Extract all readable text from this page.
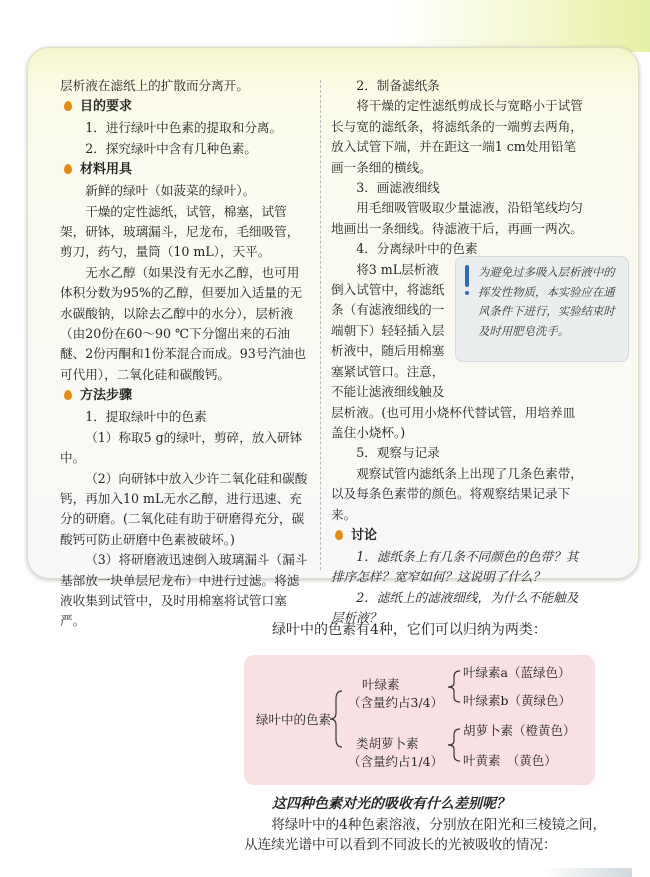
层析液在滤纸上的扩散而分离开。

目的要求

1．进行绿叶中色素的提取和分离。

2．探究绿叶中含有几种色素。

材料用具

新鲜的绿叶（如菠菜的绿叶）。

干燥的定性滤纸，试管，棉塞，试管架，研钵，玻璃漏斗，尼龙布，毛细吸管，剪刀，药勺，量筒（10 mL），天平。

无水乙醇（如果没有无水乙醇，也可用体积分数为95%的乙醇，但要加入适量的无水碳酸钠，以除去乙醇中的水分），层析液（由20份在60～90 ℃下分馏出来的石油醚、2份丙酮和1份苯混合而成。93号汽油也可代用），二氧化硅和碳酸钙。

方法步骤

1．提取绿叶中的色素

（1）称取5 g的绿叶，剪碎，放入研钵中。

（2）向研钵中放入少许二氧化硅和碳酸钙，再加入10 mL无水乙醇，进行迅速、充分的研磨。(二氧化硅有助于研磨得充分，碳酸钙可防止研磨中色素被破坏。)

（3）将研磨液迅速倒入玻璃漏斗（漏斗基部放一块单层尼龙布）中进行过滤。将滤液收集到试管中，及时用棉塞将试管口塞严。

2．制备滤纸条

将干燥的定性滤纸剪成长与宽略小于试管长与宽的滤纸条，将滤纸条的一端剪去两角，放入试管下端，并在距这一端1 cm处用铅笔画一条细的横线。

3．画滤液细线

用毛细吸管吸取少量滤液，沿铅笔线均匀地画出一条细线。待滤液干后，再画一两次。

4．分离绿叶中的色素

将3 mL层析液

倒入试管中，将滤纸

条（有滤液细线的一

端朝下）轻轻插入层

析液中，随后用棉塞

塞紧试管口。注意，

不能让滤液细线触及

层析液。(也可用小烧杯代替试管，用培养皿盖住小烧杯。)

5．观察与记录

观察试管内滤纸条上出现了几条色素带，以及每条色素带的颜色。将观察结果记录下来。

讨论

1．滤纸条上有几条不同颜色的色带？其排序怎样？宽窄如何？这说明了什么？

2．滤纸上的滤液细线，为什么不能触及层析液？

为避免过多吸入层析液中的挥发性物质，本实验应在通风条件下进行，实验结束时及时用肥皂洗手。
绿叶中的色素有4种，它们可以归纳为两类：
绿叶中的色素
叶绿素
（含量约占3/4）
叶绿素a（蓝绿色）
叶绿素b（黄绿色）
类胡萝卜素
（含量约占1/4）
胡萝卜素（橙黄色）
叶黄素　（黄色）

这四种色素对光的吸收有什么差别呢？

将绿叶中的4种色素溶液，分别放在阳光和三棱镜之间，从连续光谱中可以看到不同波长的光被吸收的情况：
